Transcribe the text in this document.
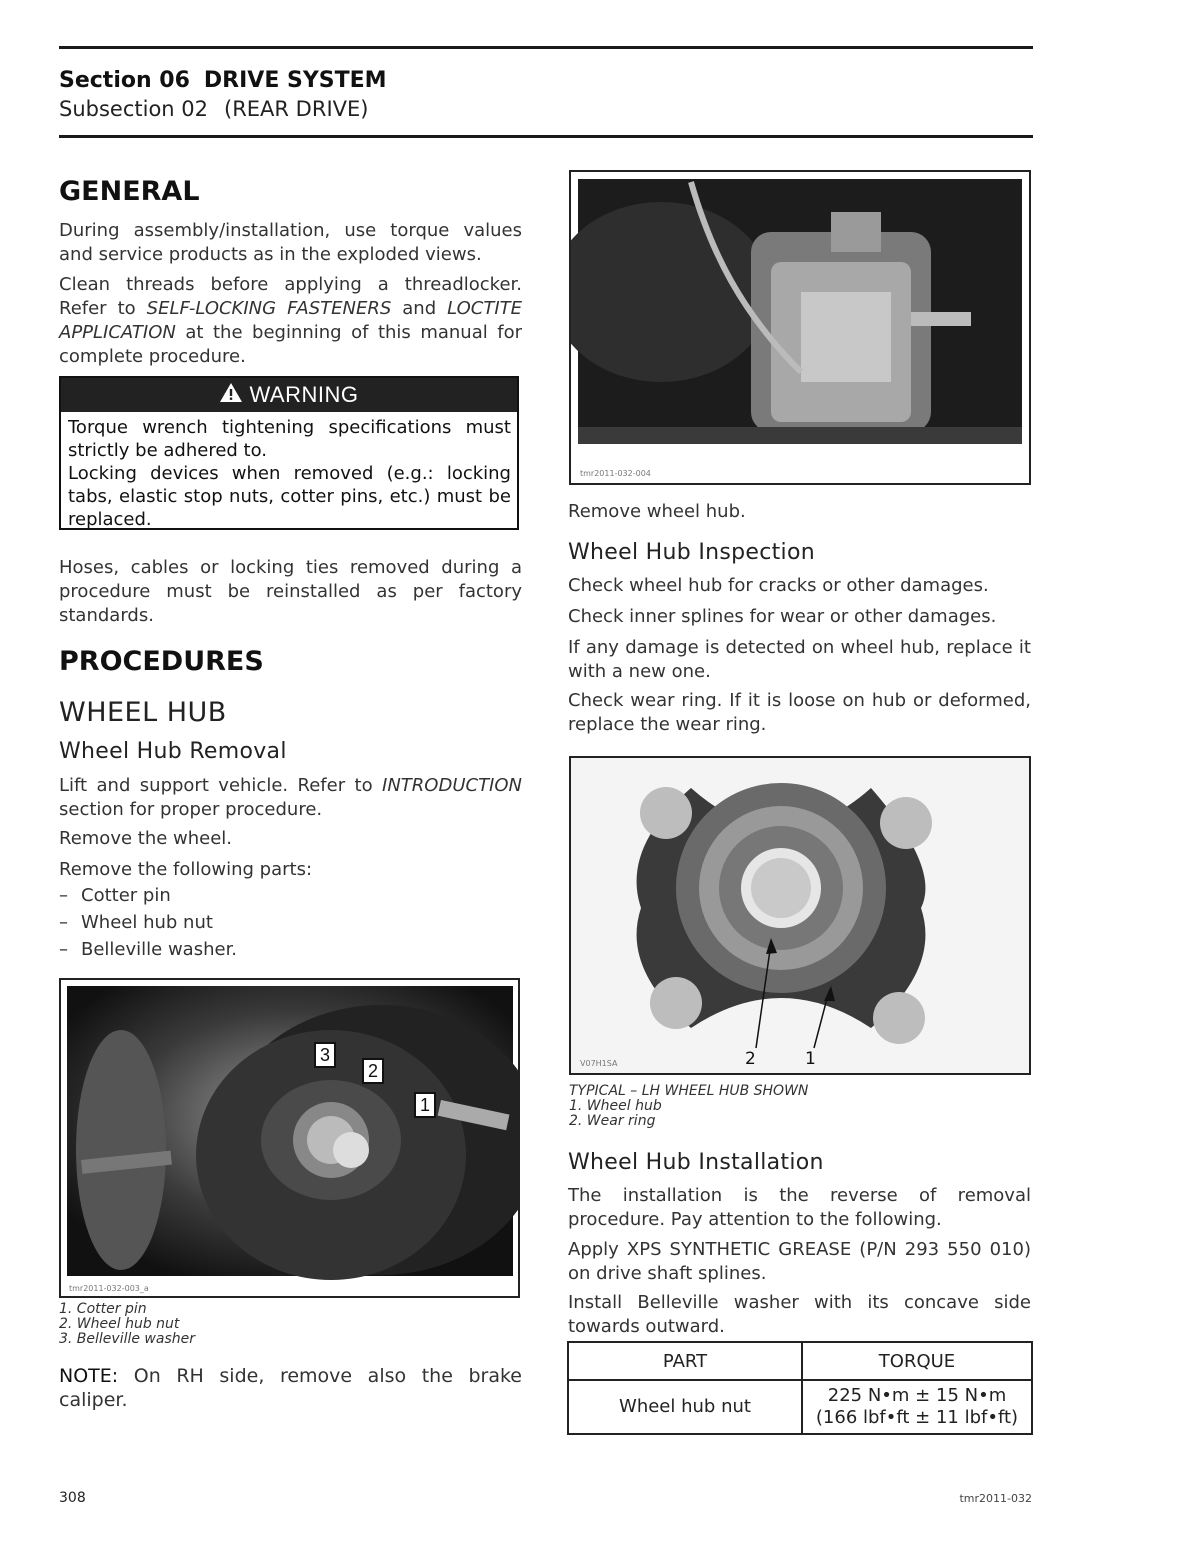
Section 06 DRIVE SYSTEM
Subsection 02 (REAR DRIVE)
GENERAL
During assembly/installation, use torque values and service products as in the exploded views.
Clean threads before applying a threadlocker. Refer to SELF-LOCKING FASTENERS and LOCTITE APPLICATION at the beginning of this manual for complete procedure.
WARNING
Torque wrench tightening specifications must strictly be adhered to.
Locking devices when removed (e.g.: locking tabs, elastic stop nuts, cotter pins, etc.) must be replaced.
Hoses, cables or locking ties removed during a procedure must be reinstalled as per factory standards.
PROCEDURES
WHEEL HUB
Wheel Hub Removal
Lift and support vehicle. Refer to INTRODUCTION section for proper procedure.
Remove the wheel.
Remove the following parts:
– Cotter pin
– Wheel hub nut
– Belleville washer.
3
2
1
tmr2011-032-003_a
1. Cotter pin
2. Wheel hub nut
3. Belleville washer
NOTE: On RH side, remove also the brake caliper.
tmr2011-032-004
Remove wheel hub.
Wheel Hub Inspection
Check wheel hub for cracks or other damages.
Check inner splines for wear or other damages.
If any damage is detected on wheel hub, replace it with a new one.
Check wear ring. If it is loose on hub or deformed, replace the wear ring.
2	1
V07H1SA
TYPICAL – LH WHEEL HUB SHOWN
1. Wheel hub
2. Wear ring
Wheel Hub Installation
The installation is the reverse of removal procedure. Pay attention to the following.
Apply XPS SYNTHETIC GREASE (P/N 293 550 010) on drive shaft splines.
Install Belleville washer with its concave side towards outward.
PART	TORQUE
Wheel hub nut	225 N•m ± 15 N•m
(166 lbf•ft ± 11 lbf•ft)
308	tmr2011-032
